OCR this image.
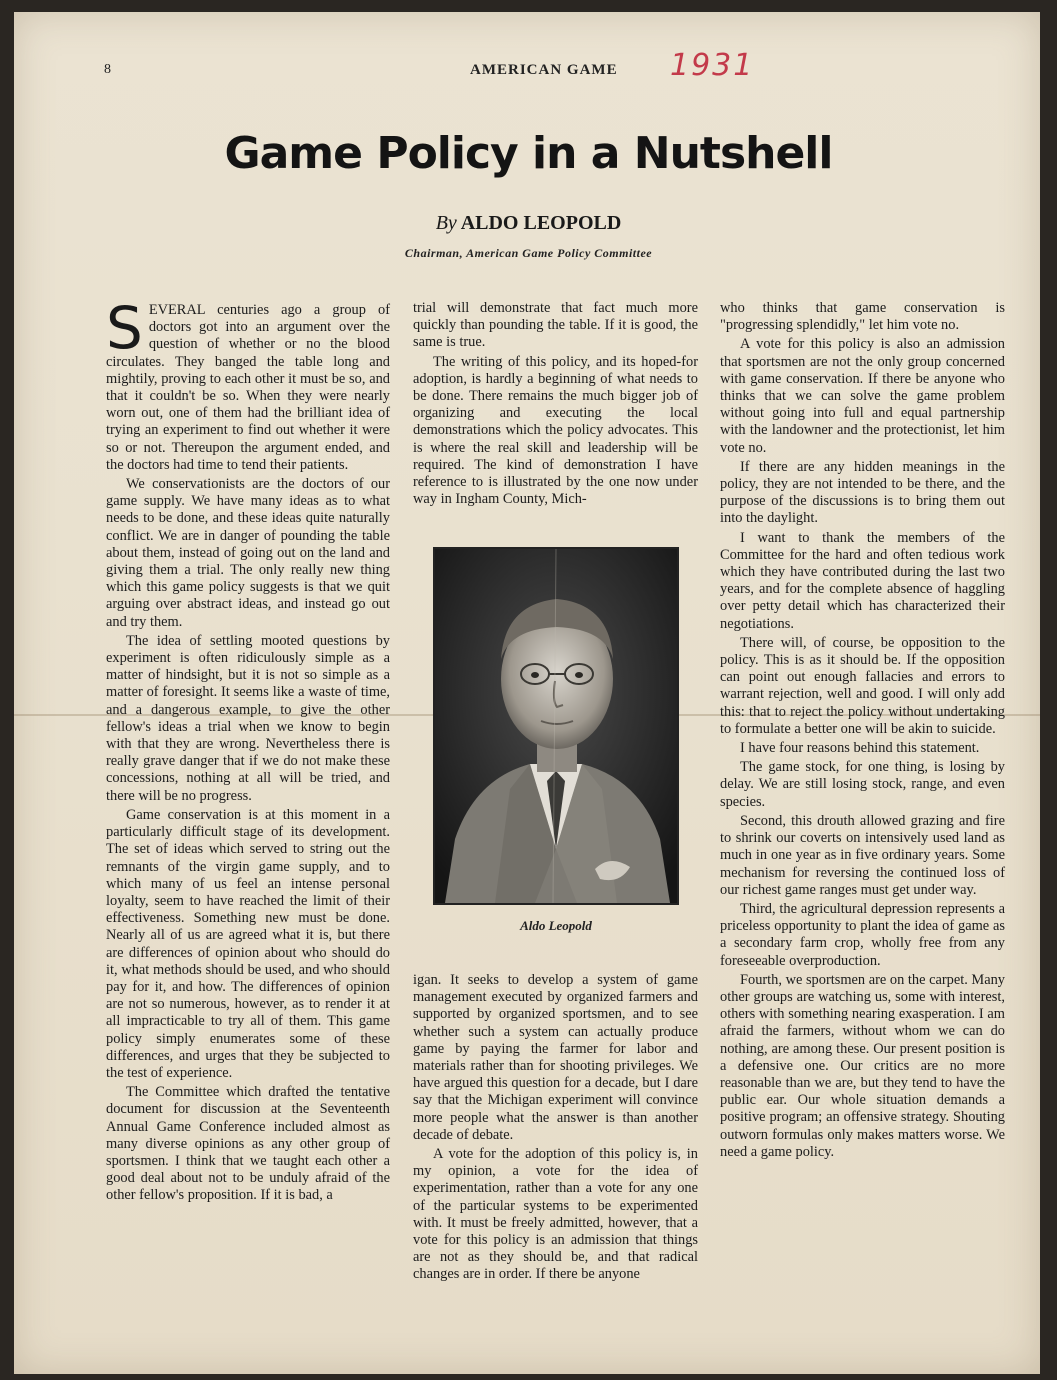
8	AMERICAN GAME 1931
Game Policy in a Nutshell
By ALDO LEOPOLD
Chairman, American Game Policy Committee

SEVERAL centuries ago a group of doctors got into an argument over the question of whether or no the blood circulates. They banged the table long and mightily, proving to each other it must be so, and that it couldn't be so. When they were nearly worn out, one of them had the brilliant idea of trying an experiment to find out whether it were so or not. Thereupon the argument ended, and the doctors had time to tend their patients.

We conservationists are the doctors of our game supply. We have many ideas as to what needs to be done, and these ideas quite naturally conflict. We are in danger of pounding the table about them, instead of going out on the land and giving them a trial. The only really new thing which this game policy suggests is that we quit arguing over abstract ideas, and instead go out and try them.

The idea of settling mooted questions by experiment is often ridiculously simple as a matter of hindsight, but it is not so simple as a matter of foresight. It seems like a waste of time, and a dangerous example, to give the other fellow's ideas a trial when we know to begin with that they are wrong. Nevertheless there is really grave danger that if we do not make these concessions, nothing at all will be tried, and there will be no progress.

Game conservation is at this moment in a particularly difficult stage of its development. The set of ideas which served to string out the remnants of the virgin game supply, and to which many of us feel an intense personal loyalty, seem to have reached the limit of their effectiveness. Something new must be done. Nearly all of us are agreed what it is, but there are differences of opinion about who should do it, what methods should be used, and who should pay for it, and how. The differences of opinion are not so numerous, however, as to render it at all impracticable to try all of them. This game policy simply enumerates some of these differences, and urges that they be subjected to the test of experience.

The Committee which drafted the tentative document for discussion at the Seventeenth Annual Game Conference included almost as many diverse opinions as any other group of sportsmen. I think that we taught each other a good deal about not to be unduly afraid of the other fellow's proposition. If it is bad, a

trial will demonstrate that fact much more quickly than pounding the table. If it is good, the same is true.

The writing of this policy, and its hoped-for adoption, is hardly a beginning of what needs to be done. There remains the much bigger job of organizing and executing the local demonstrations which the policy advocates. This is where the real skill and leadership will be required. The kind of demonstration I have reference to is illustrated by the one now under way in Ingham County, Mich-

Aldo Leopold

igan. It seeks to develop a system of game management executed by organized farmers and supported by organized sportsmen, and to see whether such a system can actually produce game by paying the farmer for labor and materials rather than for shooting privileges. We have argued this question for a decade, but I dare say that the Michigan experiment will convince more people what the answer is than another decade of debate.

A vote for the adoption of this policy is, in my opinion, a vote for the idea of experimentation, rather than a vote for any one of the particular systems to be experimented with. It must be freely admitted, however, that a vote for this policy is an admission that things are not as they should be, and that radical changes are in order. If there be anyone

who thinks that game conservation is "progressing splendidly," let him vote no.

A vote for this policy is also an admission that sportsmen are not the only group concerned with game conservation. If there be anyone who thinks that we can solve the game problem without going into full and equal partnership with the landowner and the protectionist, let him vote no.

If there are any hidden meanings in the policy, they are not intended to be there, and the purpose of the discussions is to bring them out into the daylight.

I want to thank the members of the Committee for the hard and often tedious work which they have contributed during the last two years, and for the complete absence of haggling over petty detail which has characterized their negotiations.

There will, of course, be opposition to the policy. This is as it should be. If the opposition can point out enough fallacies and errors to warrant rejection, well and good. I will only add this: that to reject the policy without undertaking to formulate a better one will be akin to suicide.

I have four reasons behind this statement.

The game stock, for one thing, is losing by delay. We are still losing stock, range, and even species.

Second, this drouth allowed grazing and fire to shrink our coverts on intensively used land as much in one year as in five ordinary years. Some mechanism for reversing the continued loss of our richest game ranges must get under way.

Third, the agricultural depression represents a priceless opportunity to plant the idea of game as a secondary farm crop, wholly free from any foreseeable overproduction.

Fourth, we sportsmen are on the carpet. Many other groups are watching us, some with interest, others with something nearing exasperation. I am afraid the farmers, without whom we can do nothing, are among these. Our present position is a defensive one. Our critics are no more reasonable than we are, but they tend to have the public ear. Our whole situation demands a positive program; an offensive strategy. Shouting outworn formulas only makes matters worse. We need a game policy.
